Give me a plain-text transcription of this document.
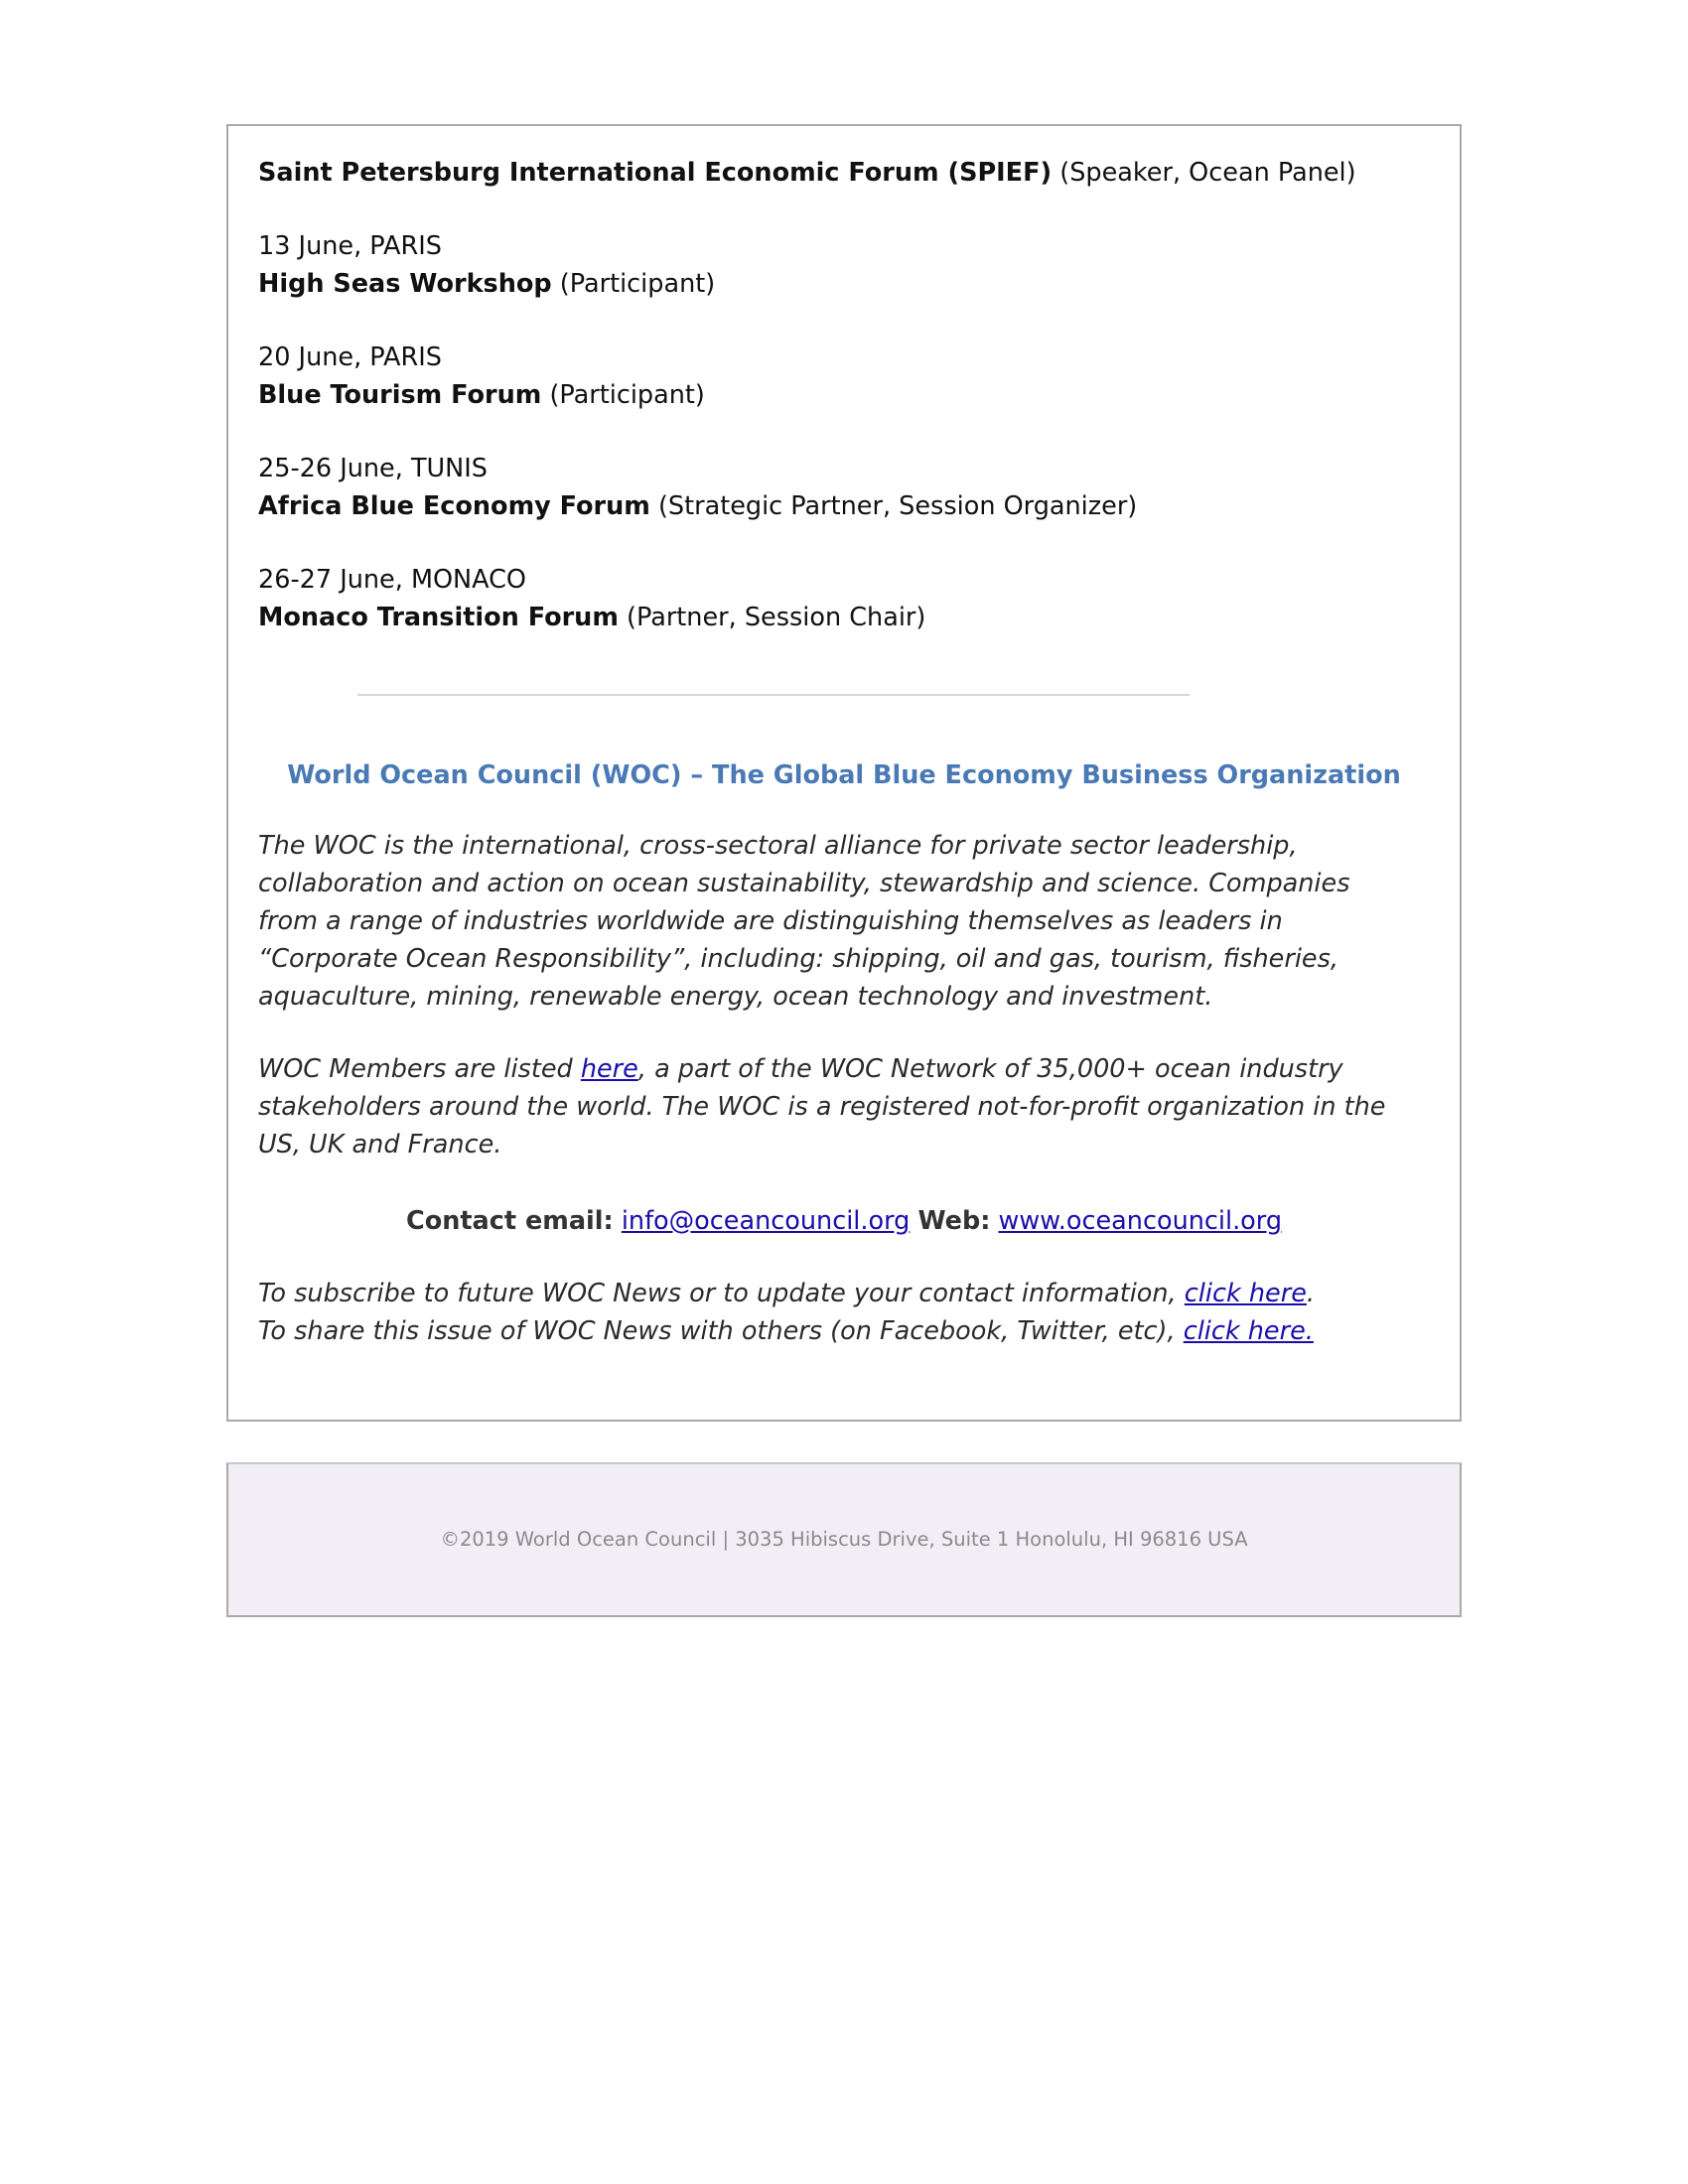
Saint Petersburg International Economic Forum (SPIEF) (Speaker, Ocean Panel)

13 June, PARIS

High Seas Workshop (Participant)

20 June, PARIS

Blue Tourism Forum (Participant)

25-26 June, TUNIS

Africa Blue Economy Forum (Strategic Partner, Session Organizer)

26-27 June, MONACO

Monaco Transition Forum (Partner, Session Chair)

World Ocean Council (WOC) – The Global Blue Economy Business Organization

The WOC is the international, cross-sectoral alliance for private sector leadership, collaboration and action on ocean sustainability, stewardship and science. Companies from a range of industries worldwide are distinguishing themselves as leaders in “Corporate Ocean Responsibility”, including: shipping, oil and gas, tourism, fisheries, aquaculture, mining, renewable energy, ocean technology and investment.

WOC Members are listed here, a part of the WOC Network of 35,000+ ocean industry stakeholders around the world. The WOC is a registered not-for-profit organization in the US, UK and France.

Contact email: info@oceancouncil.org Web: www.oceancouncil.org
To subscribe to future WOC News or to update your contact information, click here.
To share this issue of WOC News with others (on Facebook, Twitter, etc), click here.
©2019 World Ocean Council | 3035 Hibiscus Drive, Suite 1 Honolulu, HI 96816 USA
